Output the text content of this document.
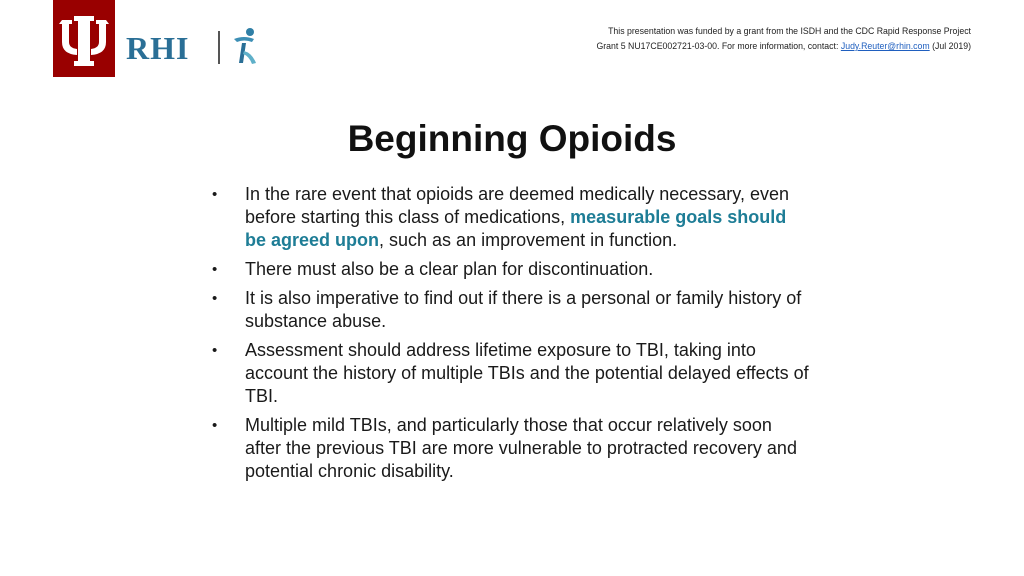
RHI	This presentation was funded by a grant from the ISDH and the CDC Rapid Response Project
Grant 5 NU17CE002721-03-00. For more information, contact: Judy.Reuter@rhin.com (Jul 2019)
Beginning Opioids
• In the rare event that opioids are deemed medically necessary, even before starting this class of medications, measurable goals should be agreed upon, such as an improvement in function.
• There must also be a clear plan for discontinuation.
• It is also imperative to find out if there is a personal or family history of substance abuse.
• Assessment should address lifetime exposure to TBI, taking into account the history of multiple TBIs and the potential delayed effects of TBI.
• Multiple mild TBIs, and particularly those that occur relatively soon after the previous TBI are more vulnerable to protracted recovery and potential chronic disability.
